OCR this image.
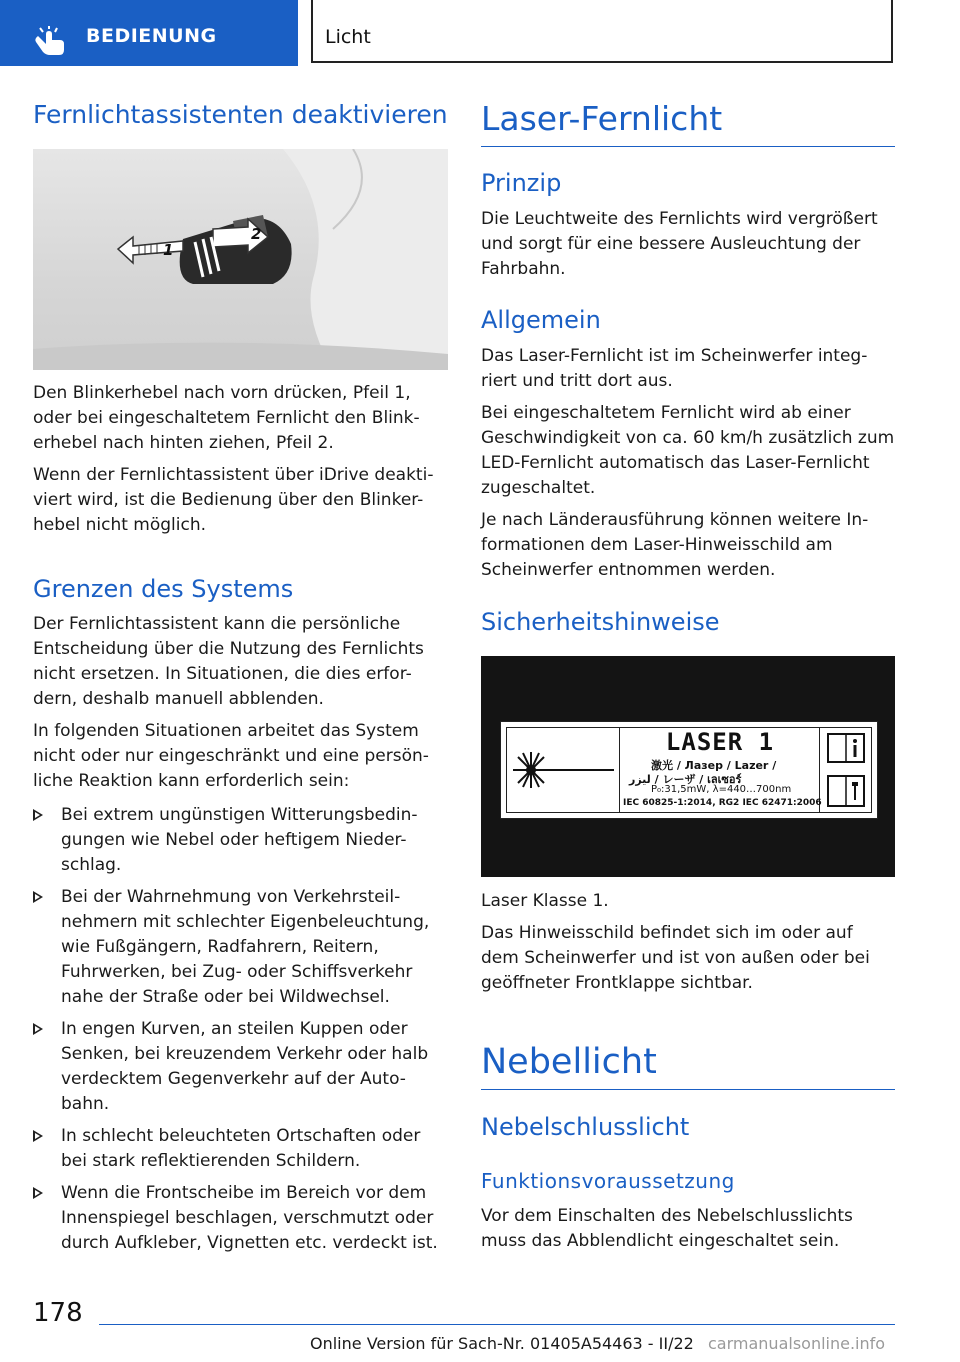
BEDIENUNG	Licht
Fernlichtassistenten deaktivieren
1
2

Den Blinkerhebel nach vorn drücken, Pfeil 1, oder bei eingeschaltetem Fernlicht den Blink-erhebel nach hinten ziehen, Pfeil 2.

Wenn der Fernlichtassistent über iDrive deakti-viert wird, ist die Bedienung über den Blinker-hebel nicht möglich.

Grenzen des Systems

Der Fernlichtassistent kann die persönliche Entscheidung über die Nutzung des Fernlichts nicht ersetzen. In Situationen, die dies erfor-dern, deshalb manuell abblenden.

In folgenden Situationen arbeitet das System nicht oder nur eingeschränkt und eine persön-liche Reaktion kann erforderlich sein:

Bei extrem ungünstigen Witterungsbedin-gungen wie Nebel oder heftigem Nieder-schlag.

Bei der Wahrnehmung von Verkehrsteil-nehmern mit schlechter Eigenbeleuchtung, wie Fußgängern, Radfahrern, Reitern, Fuhrwerken, bei Zug- oder Schiffsverkehr nahe der Straße oder bei Wildwechsel.

In engen Kurven, an steilen Kuppen oder Senken, bei kreuzendem Verkehr oder halb verdecktem Gegenverkehr auf der Auto-bahn.

In schlecht beleuchteten Ortschaften oder bei stark reflektierenden Schildern.

Wenn die Frontscheibe im Bereich vor dem Innenspiegel beschlagen, verschmutzt oder durch Aufkleber, Vignetten etc. verdeckt ist.

Laser-Fernlicht
Prinzip

Die Leuchtweite des Fernlichts wird vergrößert und sorgt für eine bessere Ausleuchtung der Fahrbahn.

Allgemein

Das Laser-Fernlicht ist im Scheinwerfer integ-riert und tritt dort aus.

Bei eingeschaltetem Fernlicht wird ab einer Geschwindigkeit von ca. 60 km/h zusätzlich zum LED-Fernlicht automatisch das Laser-Fernlicht zugeschaltet.

Je nach Länderausführung können weitere In-formationen dem Laser-Hinweisschild am Scheinwerfer entnommen werden.

Sicherheitshinweise
LASER 1
激光 / Лазер / Lazer /
لیزر / レーザ / เลเซอร์
P₀:31,5mW, λ=440…700nm
IEC 60825-1:2014, RG2 IEC 62471:2006

Laser Klasse 1.

Das Hinweisschild befindet sich im oder auf dem Scheinwerfer und ist von außen oder bei geöffneter Frontklappe sichtbar.

Nebellicht
Nebelschlusslicht
Funktionsvoraussetzung

Vor dem Einschalten des Nebelschlusslichts muss das Abblendlicht eingeschaltet sein.

178
Online Version für Sach-Nr. 01405A54463 - II/22 carmanualsonline.info
